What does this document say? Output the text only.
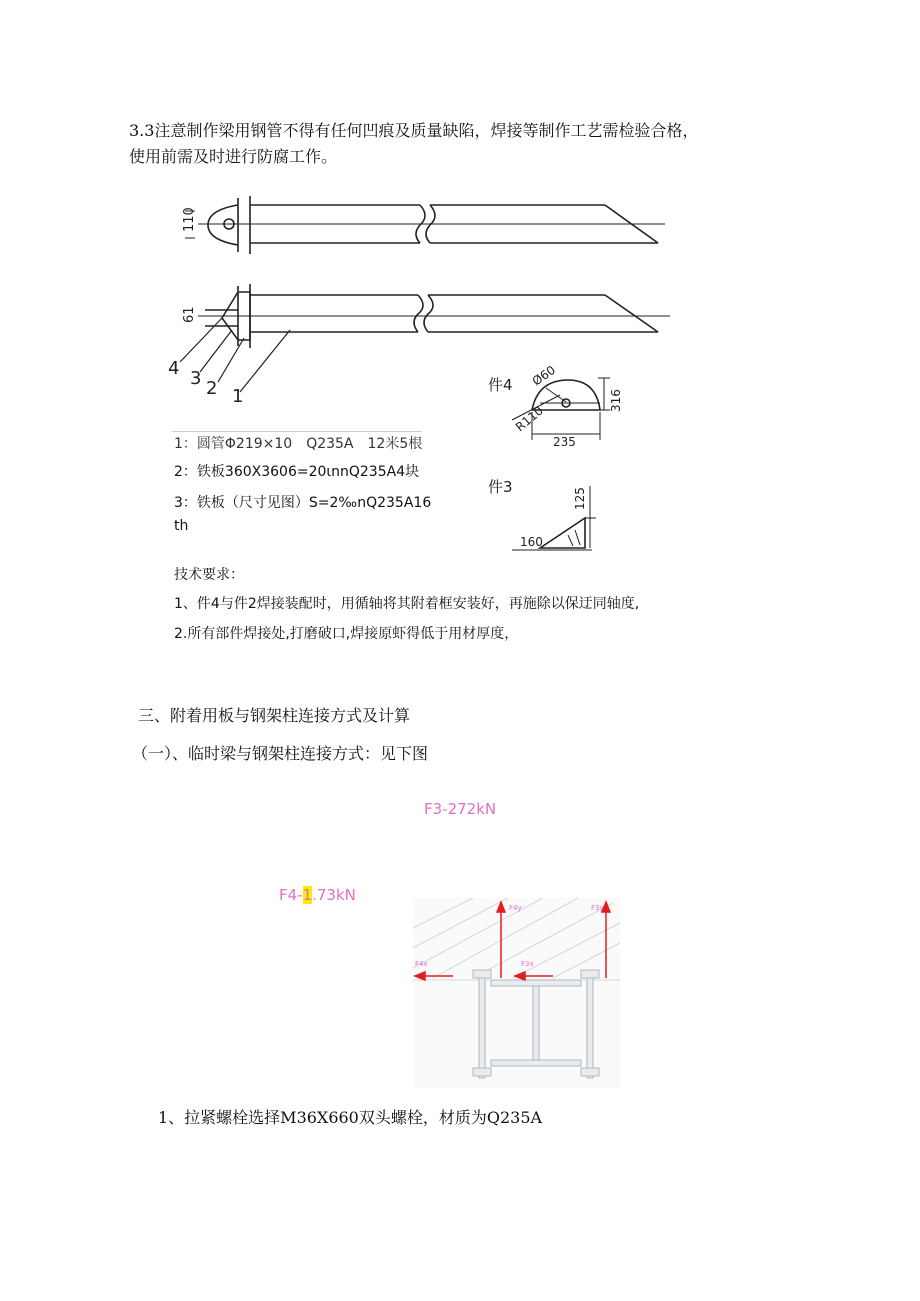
3.3注意制作梁用钢管不得有任何凹痕及质量缺陷，焊接等制作工艺需检验合格，
使用前需及时进行防腐工作。
110
61
4 3 2 1
件4 Ø60
R110
316
235
件3
125
160
1：圆管Φ219×10　Q235A　12米5根
2：铁板360X3606=20ɩnnQ235A4块
3：铁板（尺寸见图）S=2‰nQ235A16
th
技术要求：
1、件4与件2焊接装配时，用循轴将其附着框安装好，再施除以保迂同轴度,
2.所有部件焊接处,打磨破口,焊接原虾得低于用材厚度，
三、附着用板与钢架柱连接方式及计算
（一）、临时梁与钢架柱连接方式：见下图
F3-272kN
F4-1.73kN
F4y	F3y
F4x	F3x
1、拉紧螺栓选择M36X660双头螺栓，材质为Q235A
